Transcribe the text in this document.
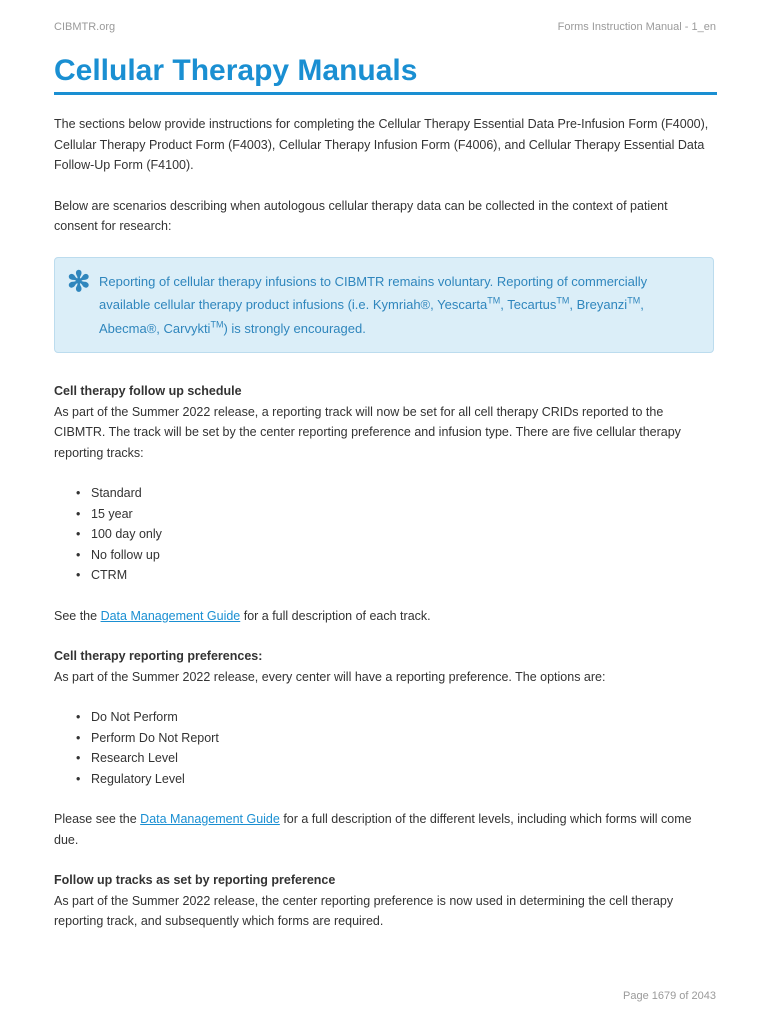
CIBMTR.org	Forms Instruction Manual - 1_en
Cellular Therapy Manuals

The sections below provide instructions for completing the Cellular Therapy Essential Data Pre-Infusion Form (F4000), Cellular Therapy Product Form (F4003), Cellular Therapy Infusion Form (F4006), and Cellular Therapy Essential Data Follow-Up Form (F4100).

Below are scenarios describing when autologous cellular therapy data can be collected in the context of patient consent for research:

✻ Reporting of cellular therapy infusions to CIBMTR remains voluntary. Reporting of commercially available cellular therapy product infusions (i.e. Kymriah®, Yescarta™, Tecartus™, Breyanzi™, Abecma®, Carvykti™) is strongly encouraged.
Cell therapy follow up schedule

As part of the Summer 2022 release, a reporting track will now be set for all cell therapy CRIDs reported to the CIBMTR. The track will be set by the center reporting preference and infusion type. There are five cellular therapy reporting tracks:

• Standard
• 15 year
• 100 day only
• No follow up
• CTRM

See the Data Management Guide for a full description of each track.

Cell therapy reporting preferences:

As part of the Summer 2022 release, every center will have a reporting preference. The options are:

• Do Not Perform
• Perform Do Not Report
• Research Level
• Regulatory Level

Please see the Data Management Guide for a full description of the different levels, including which forms will come due.

Follow up tracks as set by reporting preference

As part of the Summer 2022 release, the center reporting preference is now used in determining the cell therapy reporting track, and subsequently which forms are required.

Page 1679 of 2043
